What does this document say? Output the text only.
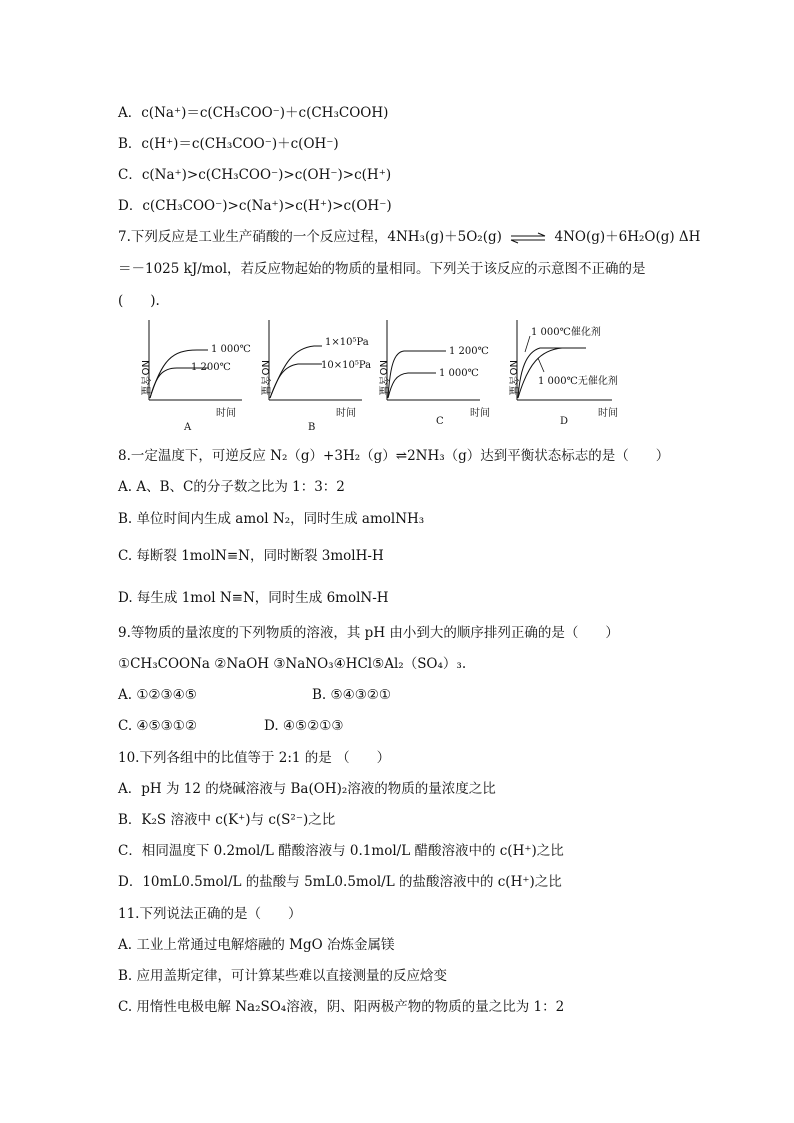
A．c(Na⁺)＝c(CH₃COO⁻)＋c(CH₃COOH)
B．c(H⁺)＝c(CH₃COO⁻)＋c(OH⁻)
C．c(Na⁺)>c(CH₃COO⁻)>c(OH⁻)>c(H⁺)
D．c(CH₃COO⁻)>c(Na⁺)>c(H⁺)>c(OH⁻)
7.下列反应是工业生产硝酸的一个反应过程，4NH₃(g)＋5O₂(g) ⇌ 4NO(g)＋6H₂O(g) ΔH
＝－1025 kJ/mol，若反应物起始的物质的量相同。下列关于该反应的示意图不正确的是
(　　).
NO含量
1 000℃
1 200℃
时间
A
NO含量
1×10⁵Pa
10×10⁵Pa
时间
B
NO含量
1 200℃
1 000℃
时间
C
NO含量
1 000℃催化剂
1 000℃无催化剂
时间
D
8.一定温度下，可逆反应 N₂（g）+3H₂（g）⇌2NH₃（g）达到平衡状态标志的是（　　）
A. A、B、C的分子数之比为 1：3：2
B. 单位时间内生成 amol N₂，同时生成 amolNH₃
C. 每断裂 1molN≡N，同时断裂 3molH-H
D. 每生成 1mol N≡N，同时生成 6molN-H
9.等物质的量浓度的下列物质的溶液，其 pH 由小到大的顺序排列正确的是（　　）
①CH₃COONa ②NaOH ③NaNO₃④HCl⑤Al₂（SO₄）₃.
A. ①②③④⑤	B. ⑤④③②①
C. ④⑤③①②	D. ④⑤②①③
10.下列各组中的比值等于 2:1 的是 （　　）
A．pH 为 12 的烧碱溶液与 Ba(OH)₂溶液的物质的量浓度之比
B．K₂S 溶液中 c(K⁺)与 c(S²⁻)之比
C．相同温度下 0.2mol/L 醋酸溶液与 0.1mol/L 醋酸溶液中的 c(H⁺)之比
D．10mL0.5mol/L 的盐酸与 5mL0.5mol/L 的盐酸溶液中的 c(H⁺)之比
11.下列说法正确的是（　　）
A. 工业上常通过电解熔融的 MgO 冶炼金属镁
B. 应用盖斯定律，可计算某些难以直接测量的反应焓变
C. 用惰性电极电解 Na₂SO₄溶液，阴、阳两极产物的物质的量之比为 1：2
